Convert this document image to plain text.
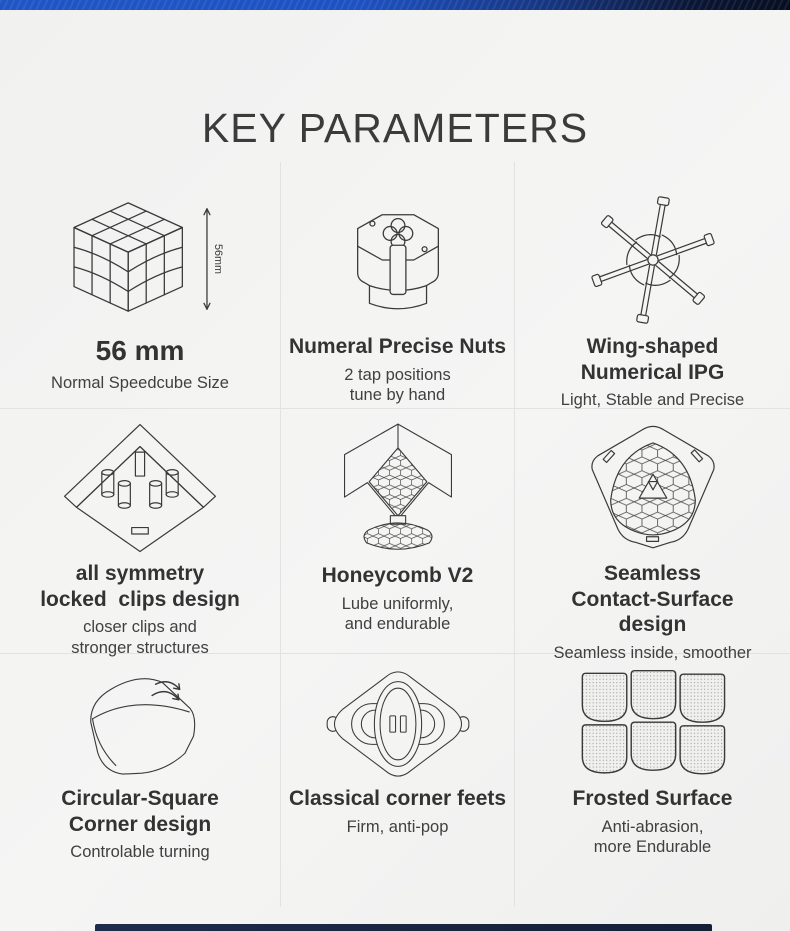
KEY PARAMETERS
56mm
56 mm
Normal Speedcube Size
Numeral Precise Nuts
2 tap positions
tune by hand
Wing-shaped
Numerical IPG
Light, Stable and Precise
all symmetry
locked  clips design
closer clips and
stronger structures
Honeycomb V2
Lube uniformly,
and endurable
Seamless
Contact-Surface
design
Seamless inside, smoother
Circular-Square
Corner design
Controlable turning
Classical corner feets
Firm, anti-pop
Frosted Surface
Anti-abrasion,
more Endurable
